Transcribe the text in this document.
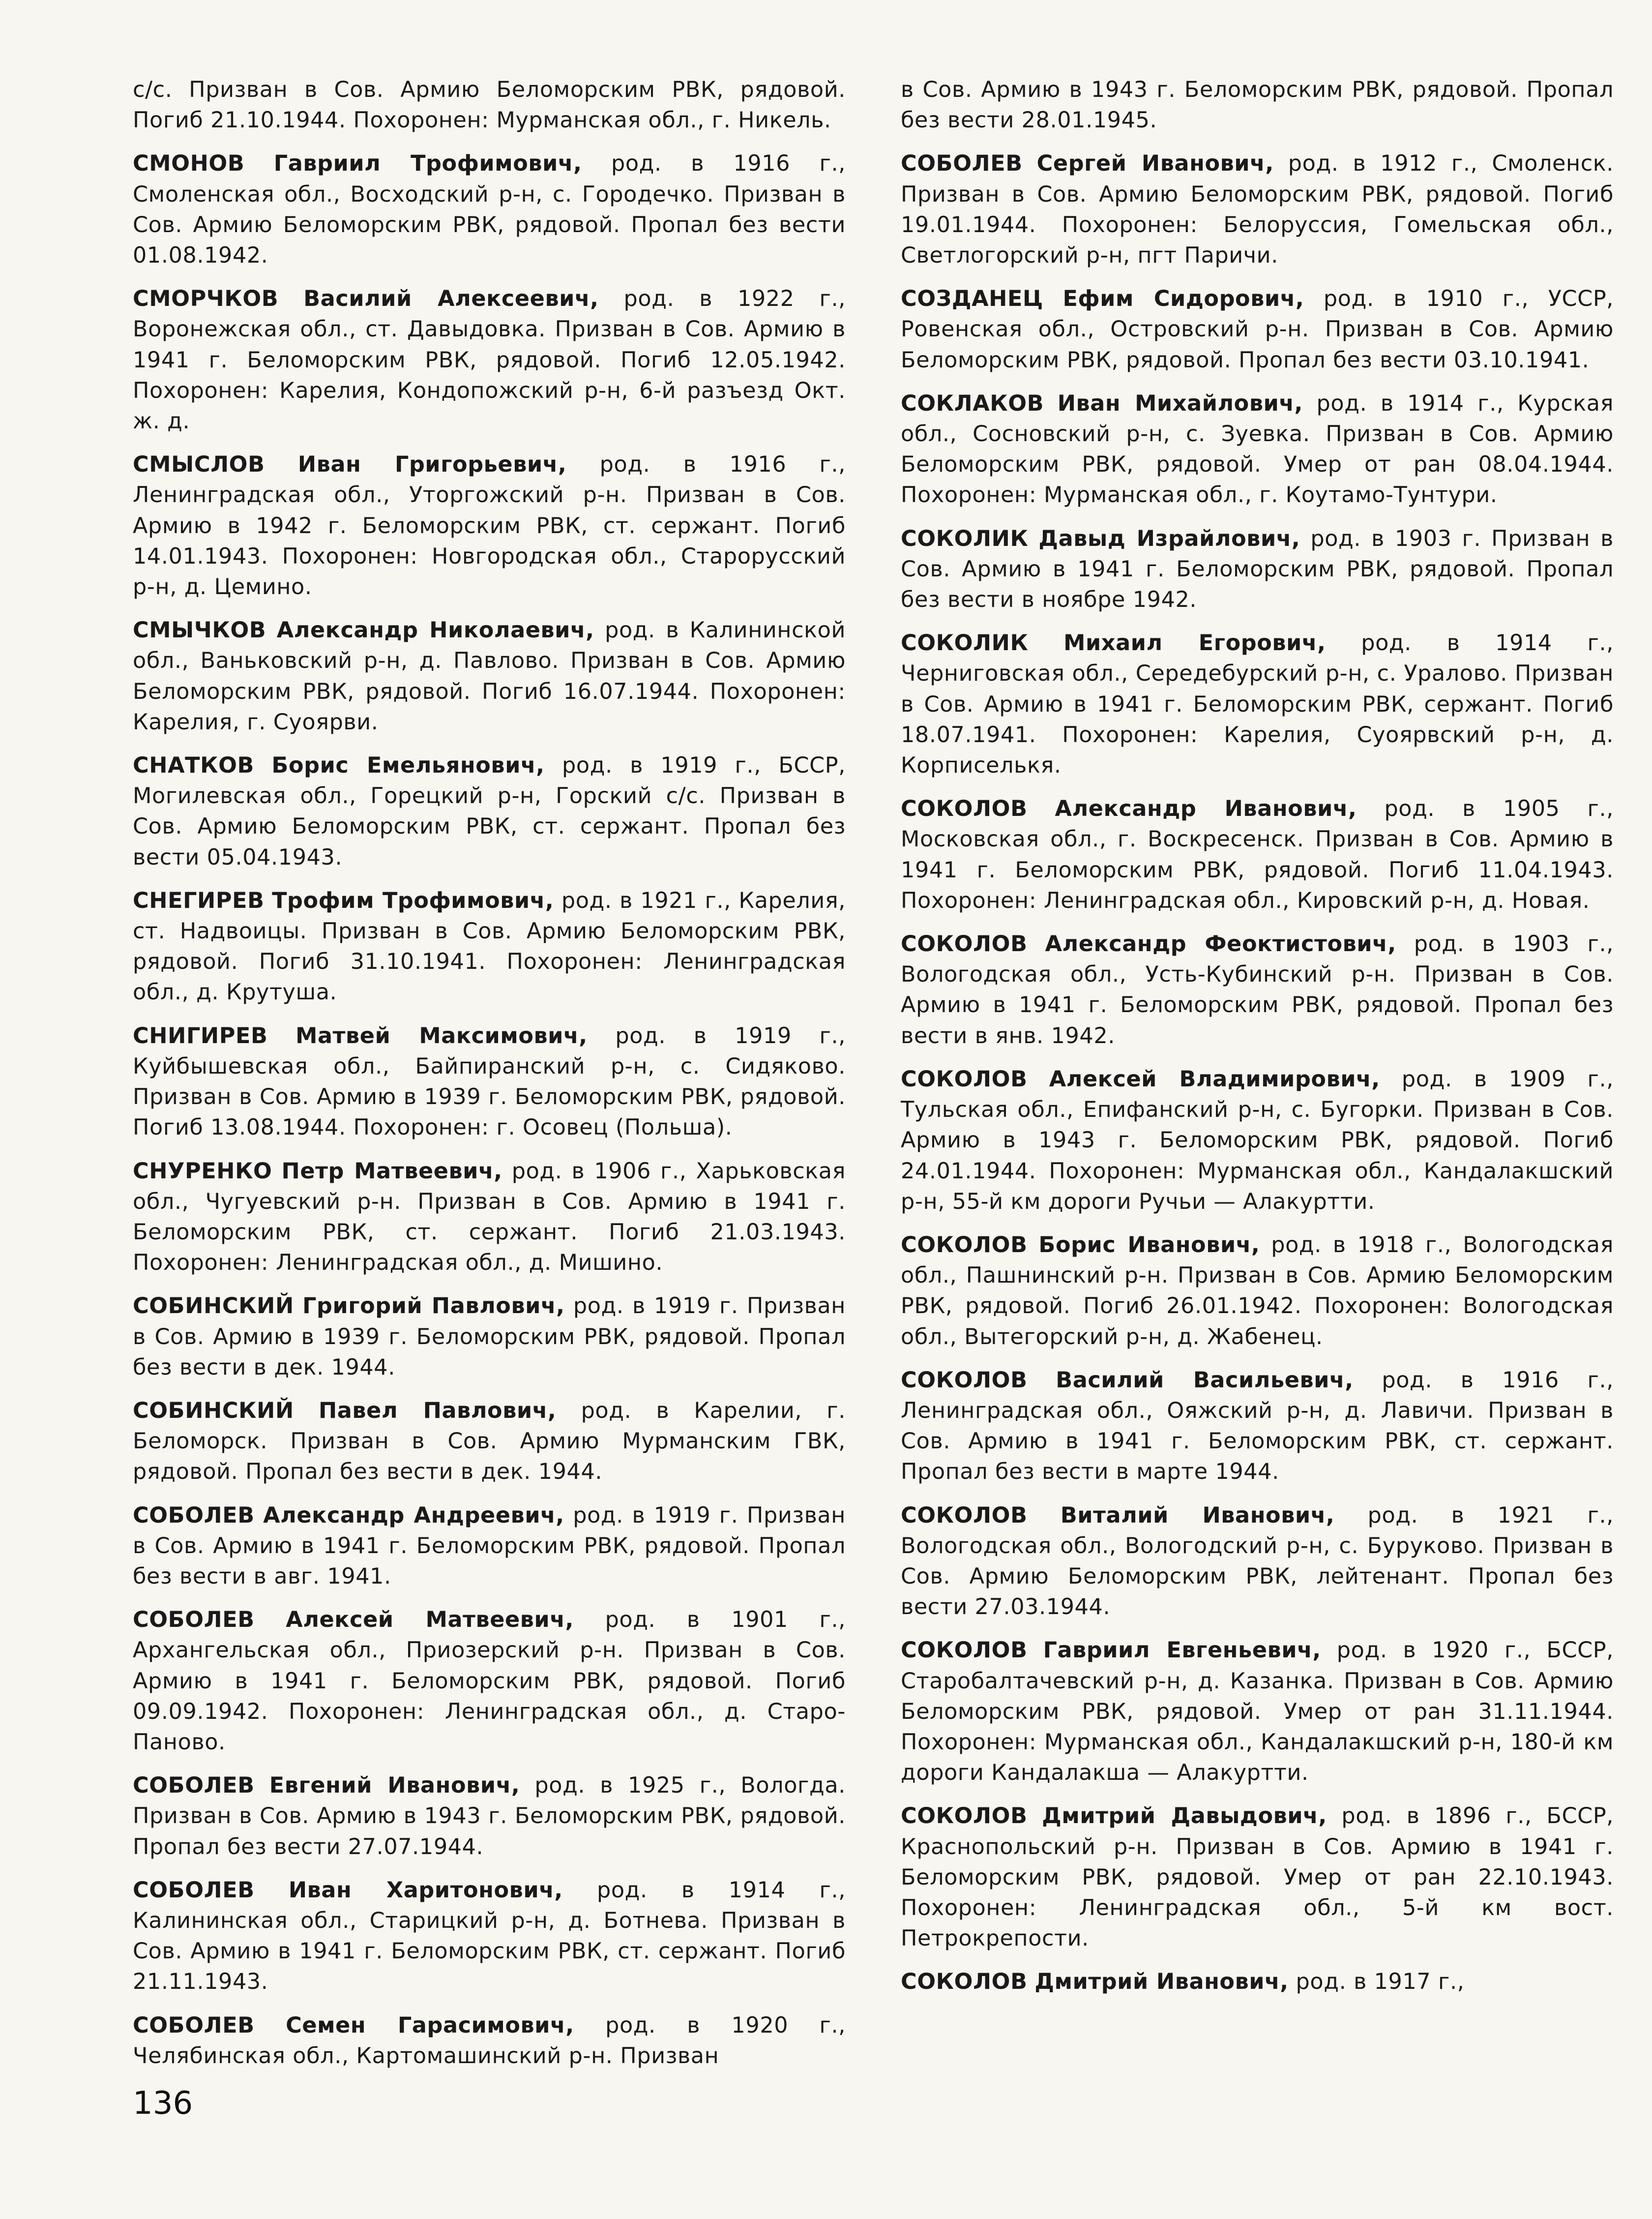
с/с. Призван в Сов. Армию Беломорским РВК, рядовой. Погиб 21.10.1944. Похоронен: Мурманская обл., г. Никель.

СМОНОВ Гавриил Трофимович, род. в 1916 г., Смоленская обл., Восходский р-н, с. Городечко. Призван в Сов. Армию Беломорским РВК, рядовой. Пропал без вести 01.08.1942.

СМОРЧКОВ Василий Алексеевич, род. в 1922 г., Воронежская обл., ст. Давыдовка. Призван в Сов. Армию в 1941 г. Беломорским РВК, рядовой. Погиб 12.05.1942. Похоронен: Карелия, Кондопожский р-н, 6-й разъезд Окт. ж. д.

СМЫСЛОВ Иван Григорьевич, род. в 1916 г., Ленинградская обл., Уторгожский р-н. Призван в Сов. Армию в 1942 г. Беломорским РВК, ст. сержант. Погиб 14.01.1943. Похоронен: Новгородская обл., Старорусский р-н, д. Цемино.

СМЫЧКОВ Александр Николаевич, род. в Калининской обл., Ваньковский р-н, д. Павлово. Призван в Сов. Армию Беломорским РВК, рядовой. Погиб 16.07.1944. Похоронен: Карелия, г. Суоярви.

СНАТКОВ Борис Емельянович, род. в 1919 г., БССР, Могилевская обл., Горецкий р-н, Горский с/с. Призван в Сов. Армию Беломорским РВК, ст. сержант. Пропал без вести 05.04.1943.

СНЕГИРЕВ Трофим Трофимович, род. в 1921 г., Карелия, ст. Надвоицы. Призван в Сов. Армию Беломорским РВК, рядовой. Погиб 31.10.1941. Похоронен: Ленинградская обл., д. Крутуша.

СНИГИРЕВ Матвей Максимович, род. в 1919 г., Куйбышевская обл., Байпиранский р-н, с. Сидяково. Призван в Сов. Армию в 1939 г. Беломорским РВК, рядовой. Погиб 13.08.1944. Похоронен: г. Осовец (Польша).

СНУРЕНКО Петр Матвеевич, род. в 1906 г., Харьковская обл., Чугуевский р-н. Призван в Сов. Армию в 1941 г. Беломорским РВК, ст. сержант. Погиб 21.03.1943. Похоронен: Ленинградская обл., д. Мишино.

СОБИНСКИЙ Григорий Павлович, род. в 1919 г. Призван в Сов. Армию в 1939 г. Беломорским РВК, рядовой. Пропал без вести в дек. 1944.

СОБИНСКИЙ Павел Павлович, род. в Карелии, г. Беломорск. Призван в Сов. Армию Мурманским ГВК, рядовой. Пропал без вести в дек. 1944.

СОБОЛЕВ Александр Андреевич, род. в 1919 г. Призван в Сов. Армию в 1941 г. Беломорским РВК, рядовой. Пропал без вести в авг. 1941.

СОБОЛЕВ Алексей Матвеевич, род. в 1901 г., Архангельская обл., Приозерский р-н. Призван в Сов. Армию в 1941 г. Беломорским РВК, рядовой. Погиб 09.09.1942. Похоронен: Ленинградская обл., д. Старо-Паново.

СОБОЛЕВ Евгений Иванович, род. в 1925 г., Вологда. Призван в Сов. Армию в 1943 г. Беломорским РВК, рядовой. Пропал без вести 27.07.1944.

СОБОЛЕВ Иван Харитонович, род. в 1914 г., Калининская обл., Старицкий р-н, д. Ботнева. Призван в Сов. Армию в 1941 г. Беломорским РВК, ст. сержант. Погиб 21.11.1943.

СОБОЛЕВ Семен Гарасимович, род. в 1920 г., Челябинская обл., Картомашинский р-н. Призван

в Сов. Армию в 1943 г. Беломорским РВК, рядовой. Пропал без вести 28.01.1945.

СОБОЛЕВ Сергей Иванович, род. в 1912 г., Смоленск. Призван в Сов. Армию Беломорским РВК, рядовой. Погиб 19.01.1944. Похоронен: Белоруссия, Гомельская обл., Светлогорский р-н, пгт Паричи.

СОЗДАНЕЦ Ефим Сидорович, род. в 1910 г., УССР, Ровенская обл., Островский р-н. Призван в Сов. Армию Беломорским РВК, рядовой. Пропал без вести 03.10.1941.

СОКЛАКОВ Иван Михайлович, род. в 1914 г., Курская обл., Сосновский р-н, с. Зуевка. Призван в Сов. Армию Беломорским РВК, рядовой. Умер от ран 08.04.1944. Похоронен: Мурманская обл., г. Коутамо-Тунтури.

СОКОЛИК Давыд Израйлович, род. в 1903 г. Призван в Сов. Армию в 1941 г. Беломорским РВК, рядовой. Пропал без вести в ноябре 1942.

СОКОЛИК Михаил Егорович, род. в 1914 г., Черниговская обл., Середебурский р-н, с. Уралово. Призван в Сов. Армию в 1941 г. Беломорским РВК, сержант. Погиб 18.07.1941. Похоронен: Карелия, Суоярвский р-н, д. Корписелькя.

СОКОЛОВ Александр Иванович, род. в 1905 г., Московская обл., г. Воскресенск. Призван в Сов. Армию в 1941 г. Беломорским РВК, рядовой. Погиб 11.04.1943. Похоронен: Ленинградская обл., Кировский р-н, д. Новая.

СОКОЛОВ Александр Феоктистович, род. в 1903 г., Вологодская обл., Усть-Кубинский р-н. Призван в Сов. Армию в 1941 г. Беломорским РВК, рядовой. Пропал без вести в янв. 1942.

СОКОЛОВ Алексей Владимирович, род. в 1909 г., Тульская обл., Епифанский р-н, с. Бугорки. Призван в Сов. Армию в 1943 г. Беломорским РВК, рядовой. Погиб 24.01.1944. Похоронен: Мурманская обл., Кандалакшский р-н, 55-й км дороги Ручьи — Алакуртти.

СОКОЛОВ Борис Иванович, род. в 1918 г., Вологодская обл., Пашнинский р-н. Призван в Сов. Армию Беломорским РВК, рядовой. Погиб 26.01.1942. Похоронен: Вологодская обл., Вытегорский р-н, д. Жабенец.

СОКОЛОВ Василий Васильевич, род. в 1916 г., Ленинградская обл., Ояжский р-н, д. Лавичи. Призван в Сов. Армию в 1941 г. Беломорским РВК, ст. сержант. Пропал без вести в марте 1944.

СОКОЛОВ Виталий Иванович, род. в 1921 г., Вологодская обл., Вологодский р-н, с. Буруково. Призван в Сов. Армию Беломорским РВК, лейтенант. Пропал без вести 27.03.1944.

СОКОЛОВ Гавриил Евгеньевич, род. в 1920 г., БССР, Старобалтачевский р-н, д. Казанка. Призван в Сов. Армию Беломорским РВК, рядовой. Умер от ран 31.11.1944. Похоронен: Мурманская обл., Кандалакшский р-н, 180-й км дороги Кандалакша — Алакуртти.

СОКОЛОВ Дмитрий Давыдович, род. в 1896 г., БССР, Краснопольский р-н. Призван в Сов. Армию в 1941 г. Беломорским РВК, рядовой. Умер от ран 22.10.1943. Похоронен: Ленинградская обл., 5-й км вост. Петрокрепости.

СОКОЛОВ Дмитрий Иванович, род. в 1917 г.,

136
